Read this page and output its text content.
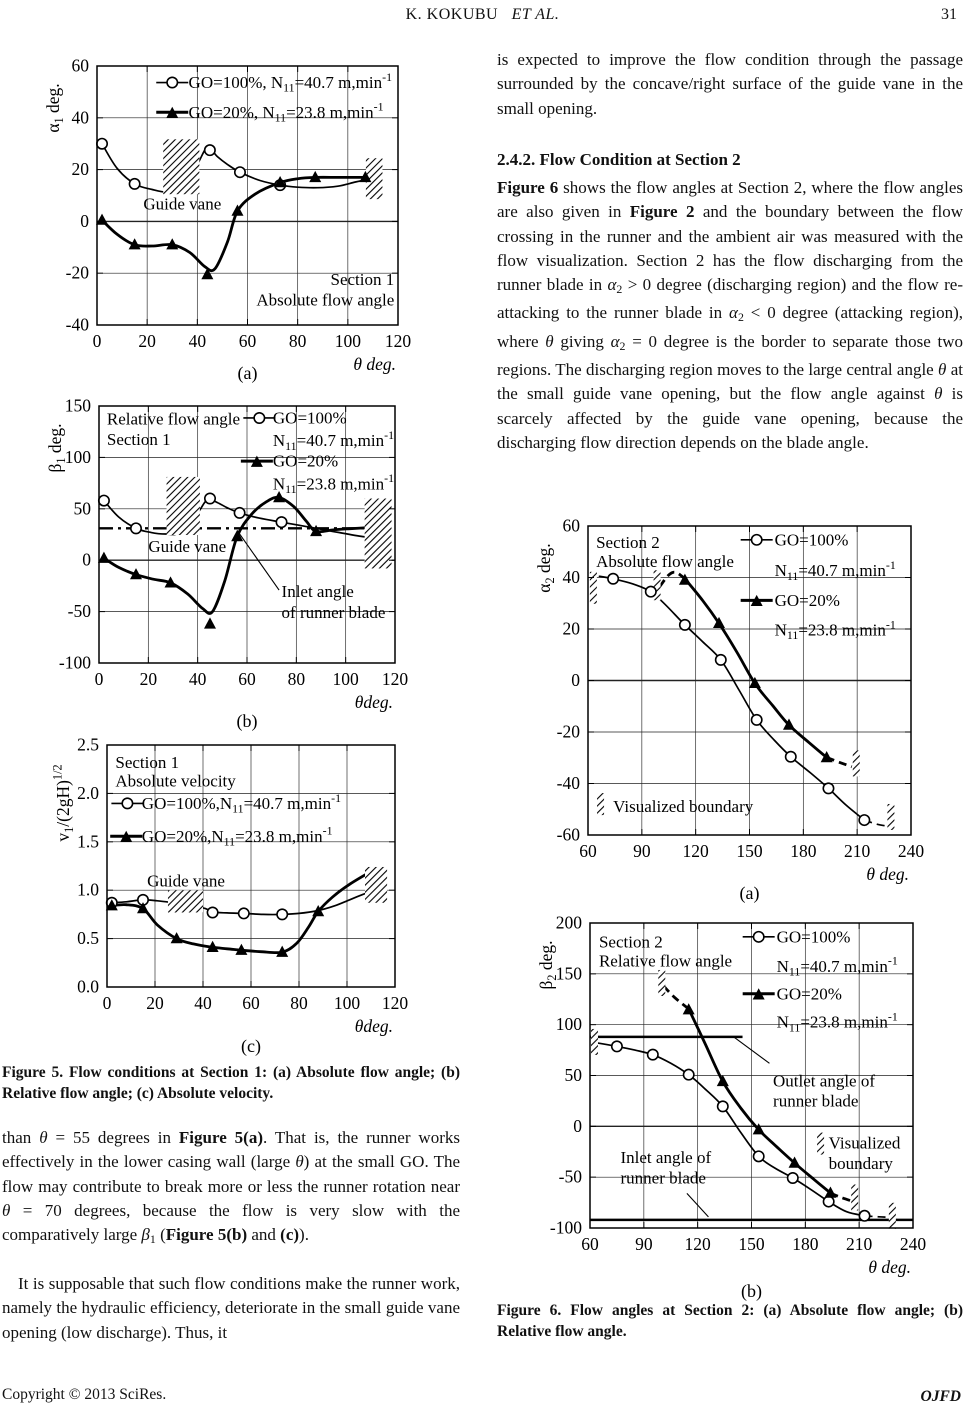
K. KOKUBU ET AL.	31
GO=100%, $N_{11}=40.7$ $m,\min^{-1}$
GO=20%, $N_{11}=23.8$ $m,\min^{-1}$
Guide vane
Section 1
Absolute flow angle
0 20 40 60 80 100 120
-40
-20
0
20
40
60
θ deg.
$\alpha_1$ deg.
(a)
GO=100%
$N_{11}=40.7$ $m,\min^{-1}$
GO=20%
$N_{11}=23.8$ $m,\min^{-1}$
Relative flow angle
Section 1
Guide vane
Inlet angle
of runner blade
0 20 40 60 80 100 120
-100
-50
0
50
100
150
θdeg.
$\beta_1$ deg.
(b)
$GO=100\%,N_{11}=40.7$ $m,\min^{-1}$
$GO=20\%,N_{11}=23.8$ $m,\min^{-1}$
Section 1
Absolute velocity
Guide vane
0 20 40 60 80 100 120
0.0
0.5
1.0
1.5
2.0
2.5
θdeg.
$v_1/(2gH)^{1/2}$
(c)

Figure 5. Flow conditions at Section 1: (a) Absolute flow angle; (b) Relative flow angle; (c) Absolute velocity.

than θ = 55 degrees in Figure 5(a). That is, the runner works effectively in the lower casing wall (large θ) at the small GO. The flow may contribute to break more or less the runner rotation near θ = 70 degrees, because the flow is very slow with the comparatively large β1 (Figure 5(b) and (c)).

It is supposable that such flow conditions make the runner work, namely the hydraulic efficiency, deteriorate in the small guide vane opening (low discharge). Thus, it

is expected to improve the flow condition through the passage surrounded by the concave/right surface of the guide vane in the small opening.

2.4.2. Flow Condition at Section 2

Figure 6 shows the flow angles at Section 2, where the flow angles are also given in Figure 2 and the boundary between the flow crossing in the runner and the ambient air was measured with the flow visualization. Section 2 has the flow discharging from the runner blade in α2 > 0 degree (discharging region) and the flow re-attacking to the runner blade in α2 < 0 degree (attacking region), where θ giving α2 = 0 degree is the border to separate those two regions. The discharging region moves to the large central angle θ at the small guide vane opening, but the flow angle against θ is scarcely affected by the guide vane opening, because the discharging flow direction depends on the blade angle.

GO=100%
$N_{11}=40.7$ $m,\min^{-1}$
GO=20%
$N_{11}=23.8$ $m,\min^{-1}$
Section 2
Absolute flow angle
Visualized boundary
60 90 120 150 180 210 240
-60
-40
-20
0
20
40
60
θ deg.
$\alpha_2$ deg.
(a)
GO=100%
$N_{11}=40.7$ $m,\min^{-1}$
GO=20%
$N_{11}=23.8$ $m,\min^{-1}$
Section 2
Relative flow angle
Outlet angle of
runner blade
Inlet angle of
runner blade
Visualized
boundary
60 90 120 150 180 210 240
-100
-50
0
50
100
150
200
θ deg.
$\beta_2$ deg.
(b)

Figure 6. Flow angles at Section 2: (a) Absolute flow angle; (b) Relative flow angle.

Copyright © 2013 SciRes.	OJFD
